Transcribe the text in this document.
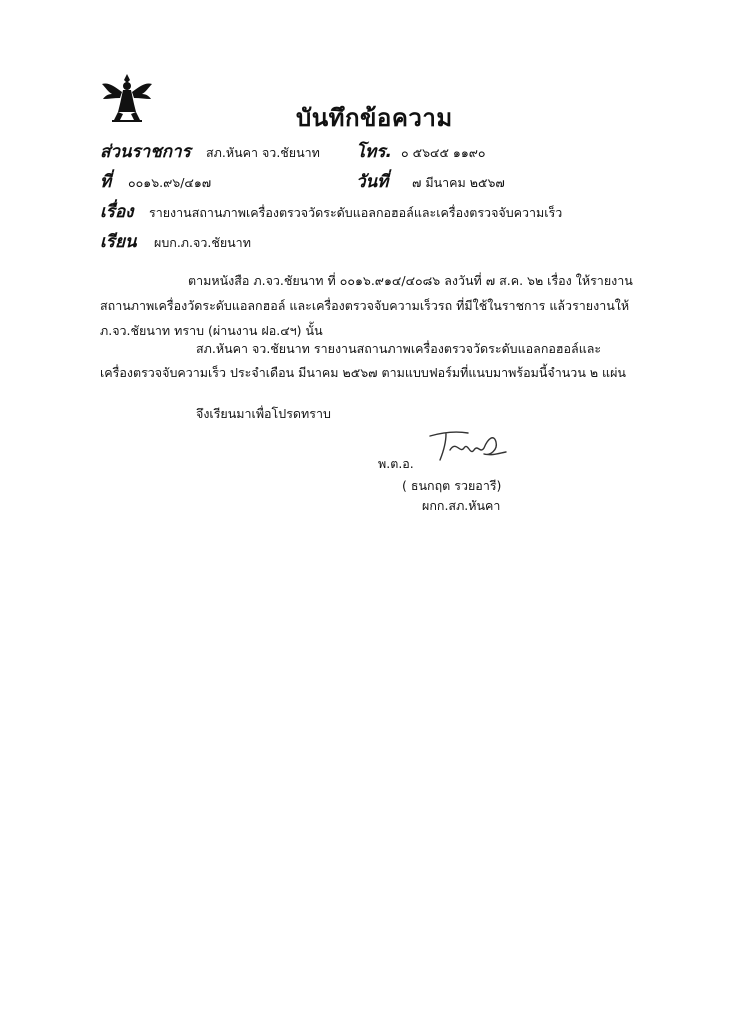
บันทึกข้อความ
ส่วนราชการ สภ.หันคา จว.ชัยนาท โทร. ๐ ๕๖๔๕ ๑๑๙๐
ที่ ๐๐๑๖.๙๖/๔๑๗	วันที่ ๗ มีนาคม ๒๕๖๗
เรื่อง รายงานสถานภาพเครื่องตรวจวัดระดับแอลกอฮอล์และเครื่องตรวจจับความเร็ว
เรียน ผบก.ภ.จว.ชัยนาท
ตามหนังสือ ภ.จว.ชัยนาท ที่ ๐๐๑๖.๙๑๔/๔๐๘๖ ลงวันที่ ๗ ส.ค. ๖๒ เรื่อง ให้รายงาน
สถานภาพเครื่องวัดระดับแอลกฮอล์ และเครื่องตรวจจับความเร็วรถ ที่มีใช้ในราชการ แล้วรายงานให้
ภ.จว.ชัยนาท ทราบ (ผ่านงาน ฝอ.๔ฯ) นั้น
สภ.หันคา จว.ชัยนาท รายงานสถานภาพเครื่องตรวจวัดระดับแอลกอฮอล์และ
เครื่องตรวจจับความเร็ว ประจำเดือน มีนาคม ๒๕๖๗ ตามแบบฟอร์มที่แนบมาพร้อมนี้จำนวน ๒ แผ่น
จึงเรียนมาเพื่อโปรดทราบ
พ.ต.อ.
( ธนกฤต รวยอารี)
ผกก.สภ.หันคา
